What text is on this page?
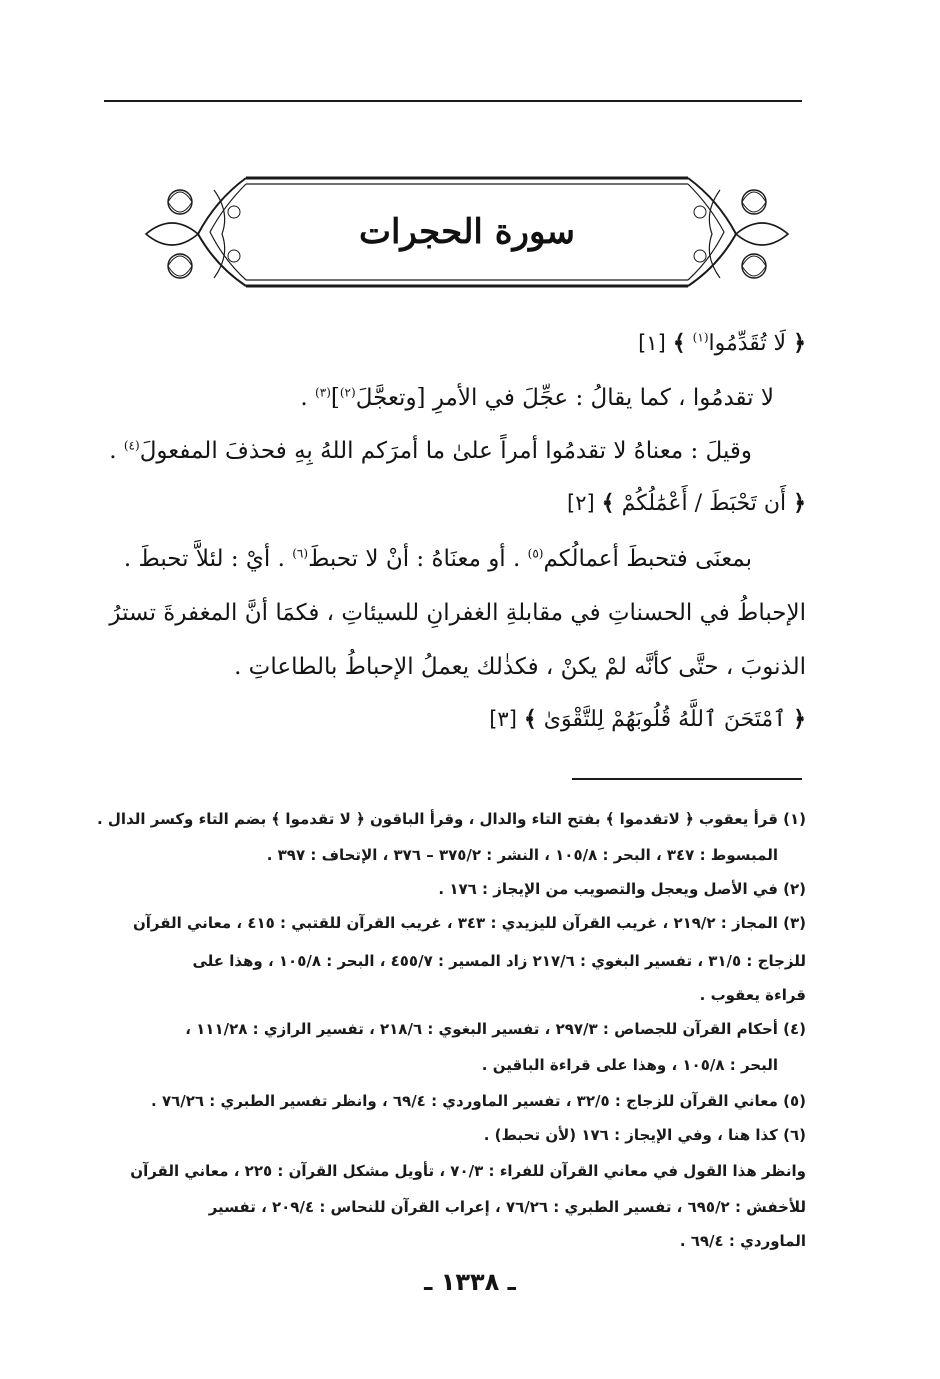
سورة الحجرات
﴿ لَا تُقَدِّمُوا$^{(١)}$ ﴾ [١]
لا تقدمُوا ، كما يقالُ : عجِّلَ في الأمرِ [وتعجَّلَ$^{(٢)}$]$^{(٣)}$ .
وقيلَ : معناهُ لا تقدمُوا أمراً علىٰ ما أمرَكم اللهُ بِهِ فحذفَ المفعولَ$^{(٤)}$ .
﴿ أَن تَحْبَطَ / أَعْمَٰلُكُمْ ﴾ [٢]
بمعنَى فتحبطَ أعمالُكم$^{(٥)}$ . أو معنَاهُ : أنْ لا تحبطَ$^{(٦)}$ . أيْ : لئلاَّ تحبطَ .
الإحباطُ في الحسناتِ في مقابلةِ الغفرانِ للسيئاتِ ، فكمَا أنَّ المغفرةَ تسترُ
الذنوبَ ، حتَّى كأنَّه لمْ يكنْ ، فكذٰلك يعملُ الإحباطُ بالطاعاتِ .
﴿ ٱمْتَحَنَ ٱللَّهُ قُلُوبَهُمْ لِلتَّقْوَىٰ ﴾ [٣]
(١) قرأ يعقوب ﴿ لاتقدموا ﴾ بفتح التاء والدال ، وقرأ الباقون ﴿ لا تقدموا ﴾ بضم التاء وكسر الدال .
المبسوط : ٣٤٧ ، البحر : ١٠٥/٨ ، النشر : ٣٧٥/٢ – ٣٧٦ ، الإتحاف : ٣٩٧ .
(٢) في الأصل ويعجل والتصويب من الإيجاز : ١٧٦ .
(٣) المجاز : ٢١٩/٢ ، غريب القرآن لليزيدي : ٣٤٣ ، غريب القرآن للقتبي : ٤١٥ ، معاني القرآن
للزجاج : ٣١/٥ ، تفسير البغوي : ٢١٧/٦ زاد المسير : ٤٥٥/٧ ، البحر : ١٠٥/٨ ، وهذا على
قراءة يعقوب .
(٤) أحكام القرآن للجصاص : ٢٩٧/٣ ، تفسير البغوي : ٢١٨/٦ ، تفسير الرازي : ١١١/٢٨ ،
البحر : ١٠٥/٨ ، وهذا على قراءة الباقين .
(٥) معاني القرآن للزجاج : ٣٢/٥ ، تفسير الماوردي : ٦٩/٤ ، وانظر تفسير الطبري : ٧٦/٢٦ .
(٦) كذا هنا ، وفي الإيجاز : ١٧٦ (لأن تحبط) .
وانظر هذا القول في معاني القرآن للفراء : ٧٠/٣ ، تأويل مشكل القرآن : ٢٢٥ ، معاني القرآن
للأخفش : ٦٩٥/٢ ، تفسير الطبري : ٧٦/٢٦ ، إعراب القرآن للنحاس : ٢٠٩/٤ ، تفسير
الماوردي : ٦٩/٤ .
ـ ١٣٣٨ ـ
